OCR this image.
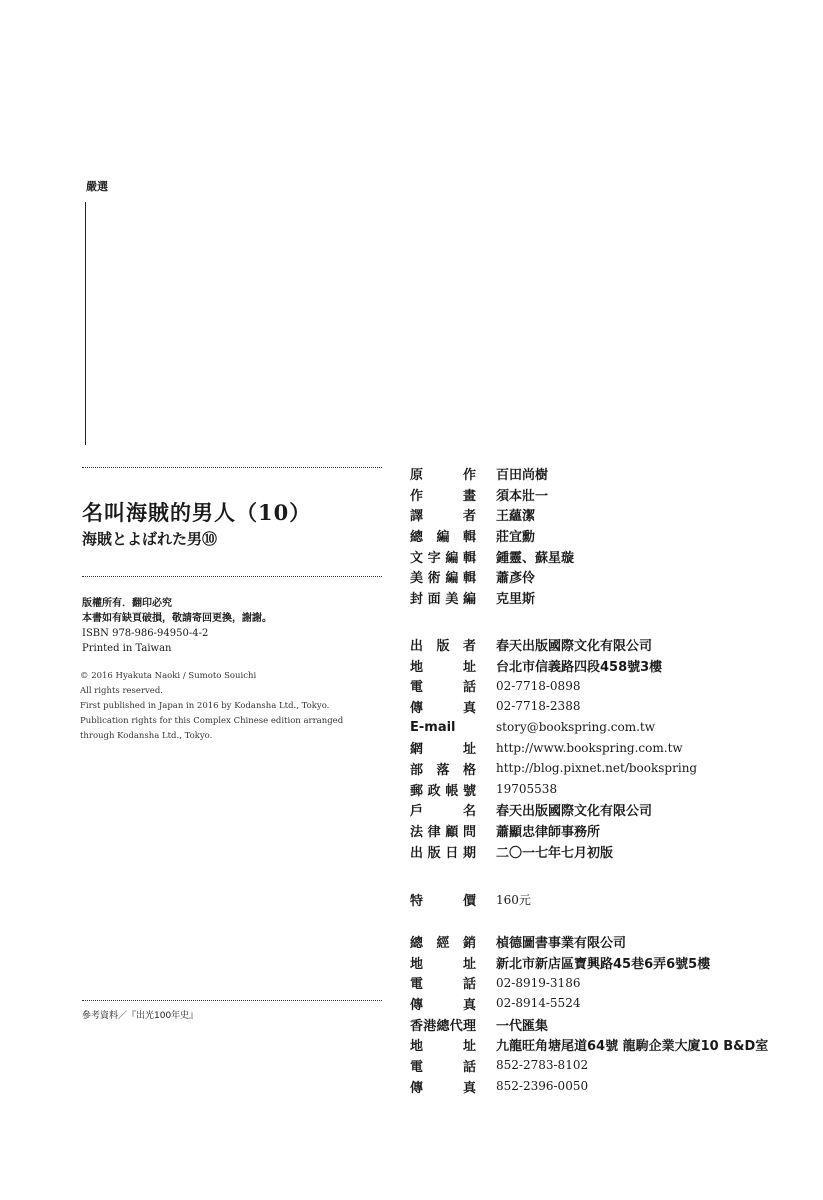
嚴選
名叫海賊的男人（10）
海賊とよばれた男⑩
版權所有．翻印必究
本書如有缺頁破損，敬請寄回更換，謝謝。
ISBN 978-986-94950-4-2
Printed in Taiwan
© 2016 Hyakuta Naoki / Sumoto Souichi
All rights reserved.
First published in Japan in 2016 by Kodansha Ltd., Tokyo.
Publication rights for this Complex Chinese edition arranged through Kodansha Ltd., Tokyo.
參考資料／『出光100年史』
原	作 百田尚樹
作	畫 須本壯一
譯	者 王蘊潔
總 編 輯 莊宜勳
文 字 編 輯 鍾靈、蘇星璇
美 術 編 輯 蕭彥伶
封 面 美 編 克里斯
出 版 者 春天出版國際文化有限公司
地	址 台北市信義路四段458號3樓
電	話 02-7718-0898
傳	真 02-7718-2388
E-mail	story@bookspring.com.tw
網	址 http://www.bookspring.com.tw
部 落 格 http://blog.pixnet.net/bookspring
郵 政 帳 號 19705538
戶	名 春天出版國際文化有限公司
法 律 顧 問 蕭顯忠律師事務所
出 版 日 期 二〇一七年七月初版
特	價 160元
總 經 銷 楨德圖書事業有限公司
地	址 新北市新店區寶興路45巷6弄6號5樓
電	話 02-8919-3186
傳	真 02-8914-5524
香 港 總 代 理 一代匯集
地	址 九龍旺角塘尾道64號 龍駒企業大廈10 B&D室
電	話 852-2783-8102
傳	真 852-2396-0050
